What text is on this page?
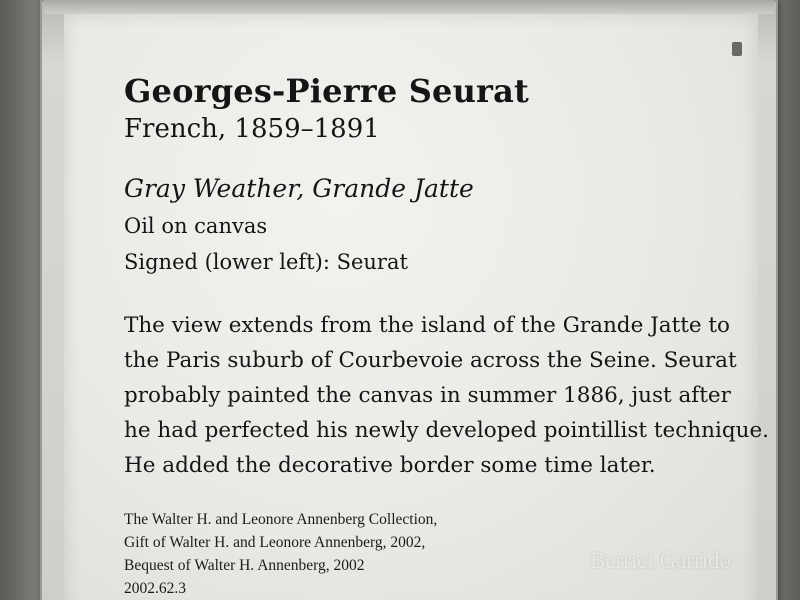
Georges-Pierre Seurat

French, 1859–1891

Gray Weather, Grande Jatte

Oil on canvas

Signed (lower left): Seurat

The view extends from the island of the Grande Jatte to
the Paris suburb of Courbevoie across the Seine. Seurat
probably painted the canvas in summer 1886, just after
he had perfected his newly developed pointillist technique.
He added the decorative border some time later.
The Walter H. and Leonore Annenberg Collection,
Gift of Walter H. and Leonore Annenberg, 2002,
Bequest of Walter H. Annenberg, 2002
2002.62.3
Berriel Garrido
